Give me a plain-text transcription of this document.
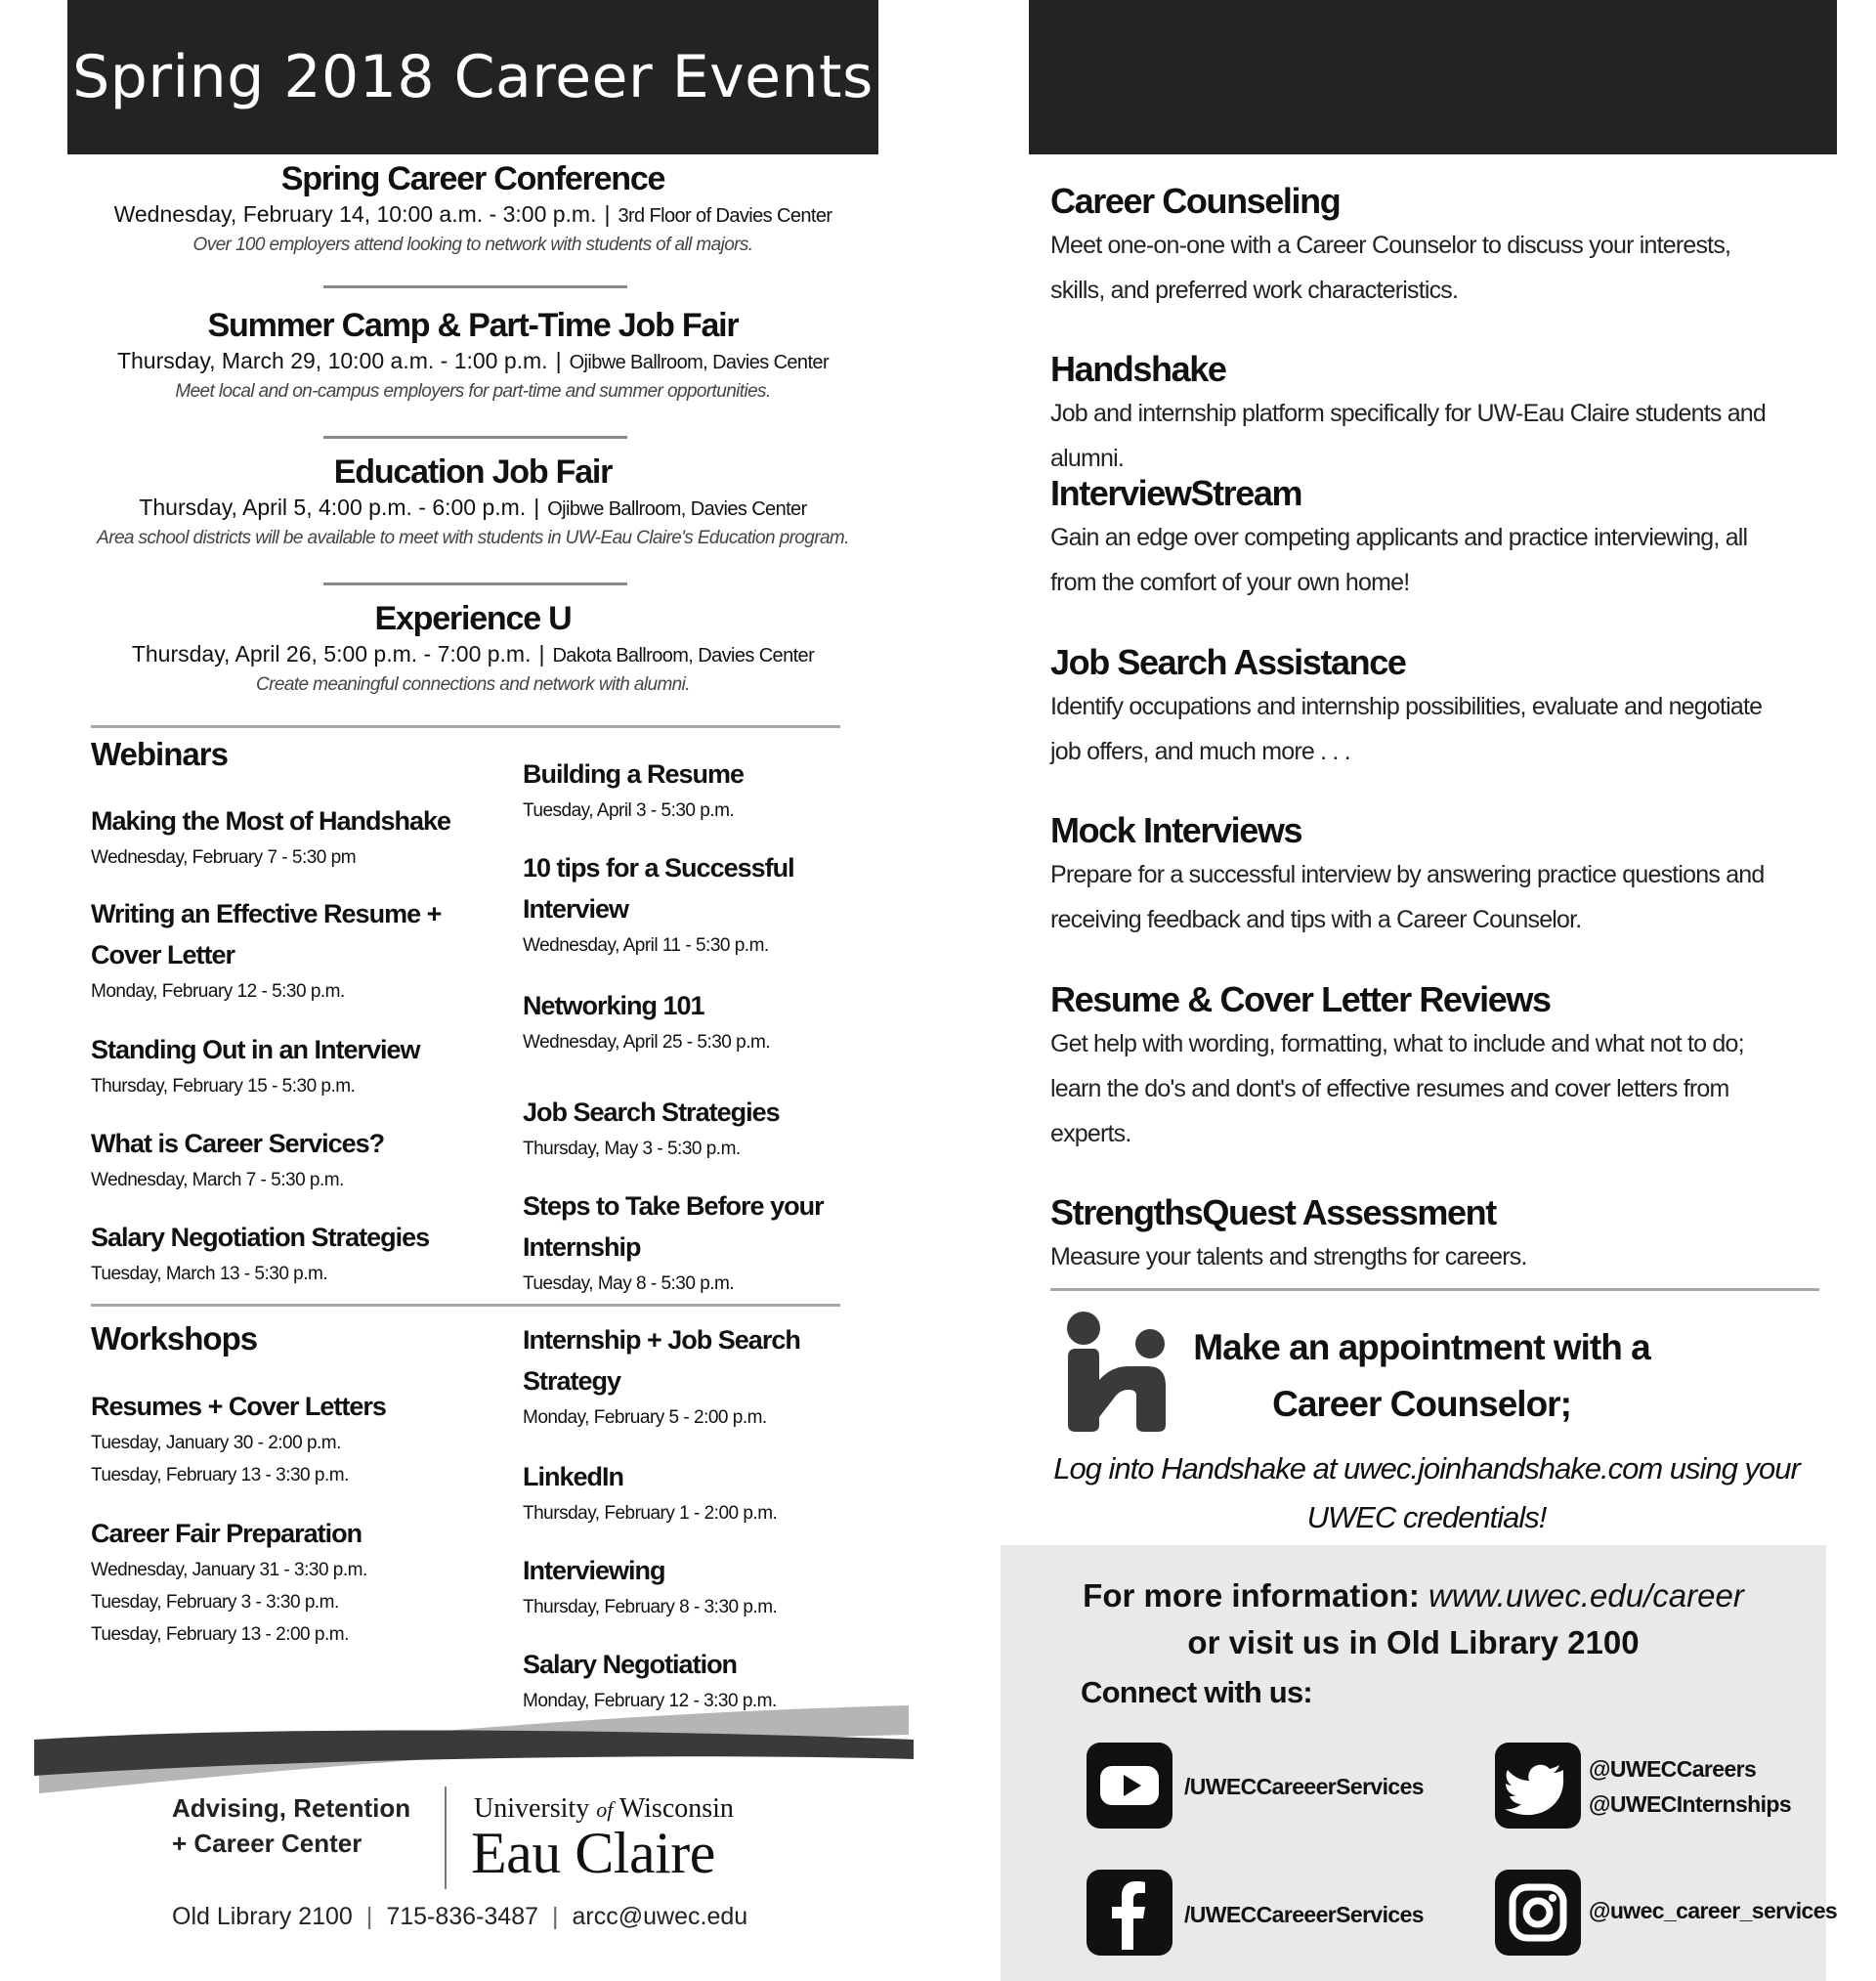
Spring 2018 Career Events
Spring Career Conference
Wednesday, February 14, 10:00 a.m. - 3:00 p.m. | 3rd Floor of Davies Center
Over 100 employers attend looking to network with students of all majors.
Summer Camp & Part-Time Job Fair
Thursday, March 29, 10:00 a.m. - 1:00 p.m. | Ojibwe Ballroom, Davies Center
Meet local and on-campus employers for part-time and summer opportunities.
Education Job Fair
Thursday, April 5, 4:00 p.m. - 6:00 p.m. | Ojibwe Ballroom, Davies Center
Area school districts will be available to meet with students in UW-Eau Claire's Education program.
Experience U
Thursday, April 26, 5:00 p.m. - 7:00 p.m. | Dakota Ballroom, Davies Center
Create meaningful connections and network with alumni.
Webinars
Making the Most of Handshake
Wednesday, February 7 - 5:30 pm
Writing an Effective Resume + Cover Letter
Monday, February 12 - 5:30 p.m.
Standing Out in an Interview
Thursday, February 15 - 5:30 p.m.
What is Career Services?
Wednesday, March 7 - 5:30 p.m.
Salary Negotiation Strategies
Tuesday, March 13 - 5:30 p.m.
Building a Resume
Tuesday, April 3 - 5:30 p.m.
10 tips for a Successful Interview
Wednesday, April 11 - 5:30 p.m.
Networking 101
Wednesday, April 25 - 5:30 p.m.
Job Search Strategies
Thursday, May 3 - 5:30 p.m.
Steps to Take Before your Internship
Tuesday, May 8 - 5:30 p.m.
Workshops
Resumes + Cover Letters
Tuesday, January 30 - 2:00 p.m.
Tuesday, February 13 - 3:30 p.m.
Career Fair Preparation
Wednesday, January 31 - 3:30 p.m.
Tuesday, February 3 - 3:30 p.m.
Tuesday, February 13 - 2:00 p.m.
Internship + Job Search Strategy
Monday, February 5 - 2:00 p.m.
LinkedIn
Thursday, February 1 - 2:00 p.m.
Interviewing
Thursday, February 8 - 3:30 p.m.
Salary Negotiation
Monday, February 12 - 3:30 p.m.
Advising, Retention
+ Career Center
University of Wisconsin
Eau Claire
Old Library 2100 | 715-836-3487 | arcc@uwec.edu
Career Counseling
Meet one-on-one with a Career Counselor to discuss your interests, skills, and preferred work characteristics.
Handshake
Job and internship platform specifically for UW-Eau Claire students and alumni.
InterviewStream
Gain an edge over competing applicants and practice interviewing, all from the comfort of your own home!
Job Search Assistance
Identify occupations and internship possibilities, evaluate and negotiate job offers, and much more . . .
Mock Interviews
Prepare for a successful interview by answering practice questions and receiving feedback and tips with a Career Counselor.
Resume & Cover Letter Reviews
Get help with wording, formatting, what to include and what not to do; learn the do's and dont's of effective resumes and cover letters from experts.
StrengthsQuest Assessment
Measure your talents and strengths for careers.
Make an appointment with a Career Counselor;
Log into Handshake at uwec.joinhandshake.com using your UWEC credentials!
For more information: www.uwec.edu/career
or visit us in Old Library 2100
Connect with us:
/UWECCareeerServices
@UWECCareers
@UWECInternships
/UWECCareeerServices	@uwec_career_services
